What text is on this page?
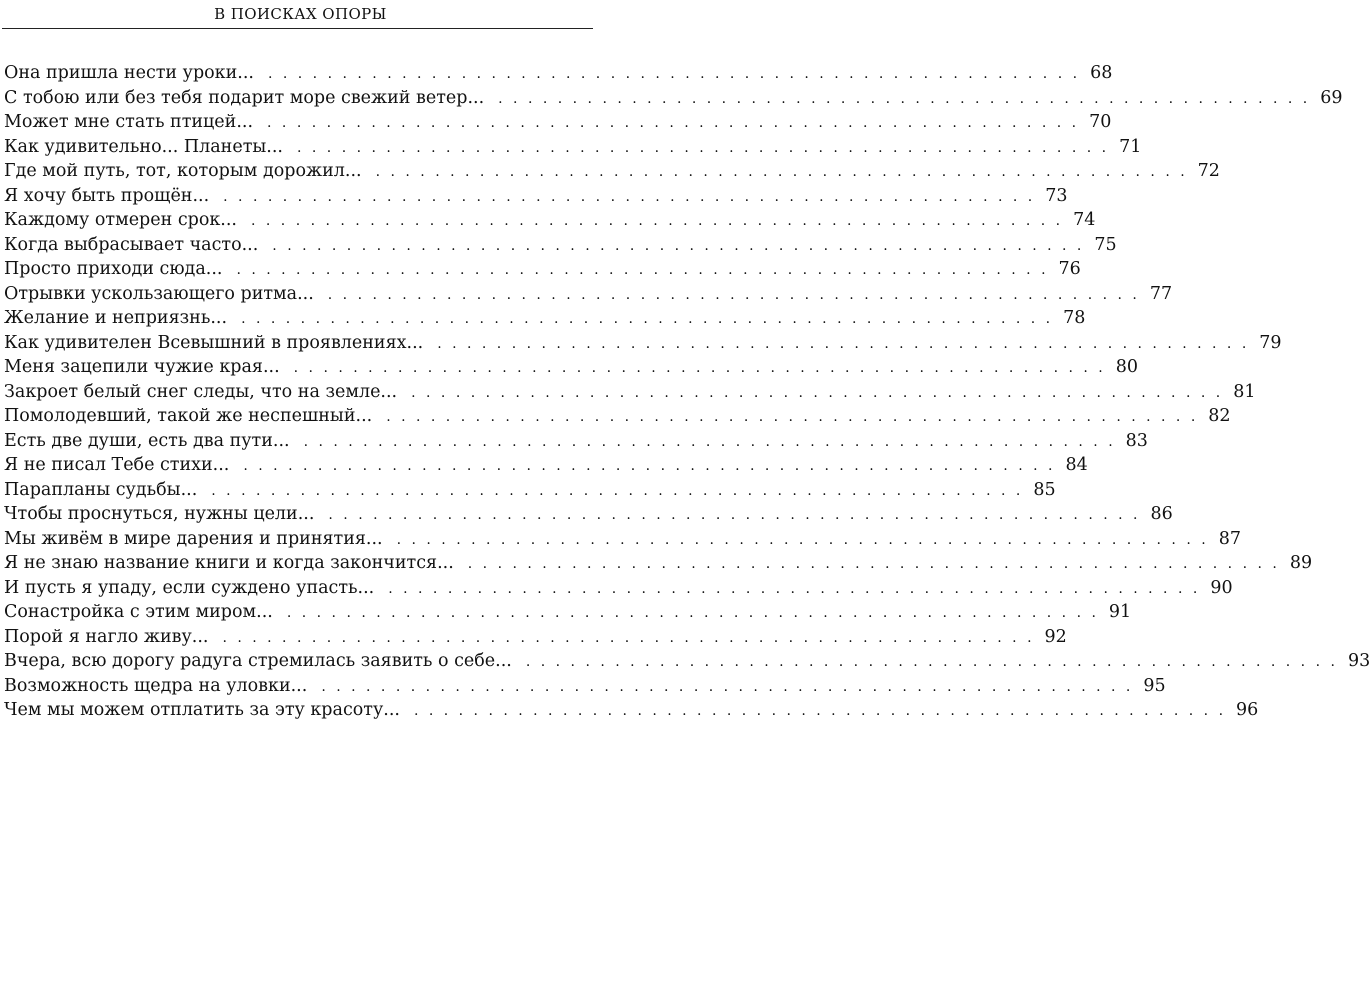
В ПОИСКАХ ОПОРЫ
Она пришла нести уроки... . . .	68
С тобою или без тебя подарит море свежий ветер... . . .	69
Может мне стать птицей... . . .	70
Как удивительно... Планеты... . . .	71
Где мой путь, тот, которым дорожил... . . .	72
Я хочу быть прощён... . . .	73
Каждому отмерен срок... . . .	74
Когда выбрасывает часто... . . .	75
Просто приходи сюда... . . .	76
Отрывки ускользающего ритма... . . .	77
Желание и неприязнь... . . .	78
Как удивителен Всевышний в проявлениях... . . .	79
Меня зацепили чужие края... . . .	80
Закроет белый снег следы, что на земле... . . .	81
Помолодевший, такой же неспешный... . . .	82
Есть две души, есть два пути... . . .	83
Я не писал Тебе стихи... . . .	84
Парапланы судьбы... . . .	85
Чтобы проснуться, нужны цели... . . .	86
Мы живём в мире дарения и принятия... . . .	87
Я не знаю название книги и когда закончится... . . .	89
И пусть я упаду, если суждено упасть... . . .	90
Сонастройка с этим миром... . . .	91
Порой я нагло живу... . . .	92
Вчера, всю дорогу радуга стремилась заявить о себе... . . .	93
Возможность щедра на уловки... . . .	95
Чем мы можем отплатить за эту красоту... . . .	96
